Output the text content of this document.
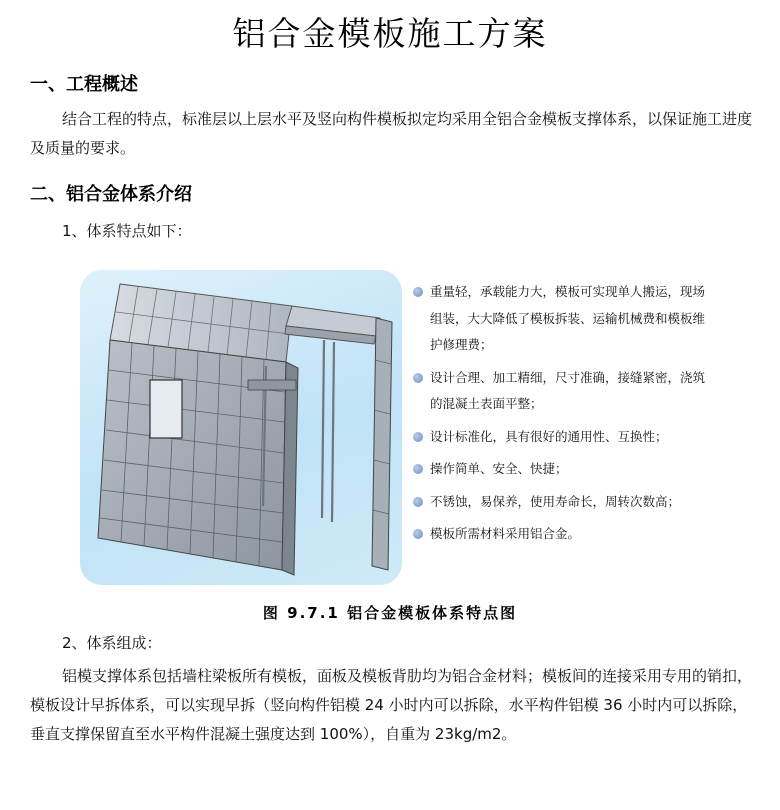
铝合金模板施工方案
一、工程概述
结合工程的特点，标准层以上层水平及竖向构件模板拟定均采用全铝合金模板支撑体系，以保证施工进度及质量的要求。
二、铝合金体系介绍
1、体系特点如下：
重量轻，承载能力大，模板可实现单人搬运，现场组装，大大降低了模板拆装、运输机械费和模板维护修理费；
设计合理、加工精细，尺寸准确，接缝紧密，浇筑的混凝土表面平整；
设计标准化，具有很好的通用性、互换性；
操作简单、安全、快捷；
不锈蚀，易保养，使用寿命长，周转次数高；
模板所需材料采用铝合金。
图 9.7.1 铝合金模板体系特点图
2、体系组成：
铝模支撑体系包括墙柱梁板所有模板，面板及模板背肋均为铝合金材料；模板间的连接采用专用的销扣，模板设计早拆体系，可以实现早拆（竖向构件铝模 24 小时内可以拆除，水平构件铝模 36 小时内可以拆除，垂直支撑保留直至水平构件混凝土强度达到 100%），自重为 23kg/m2。
